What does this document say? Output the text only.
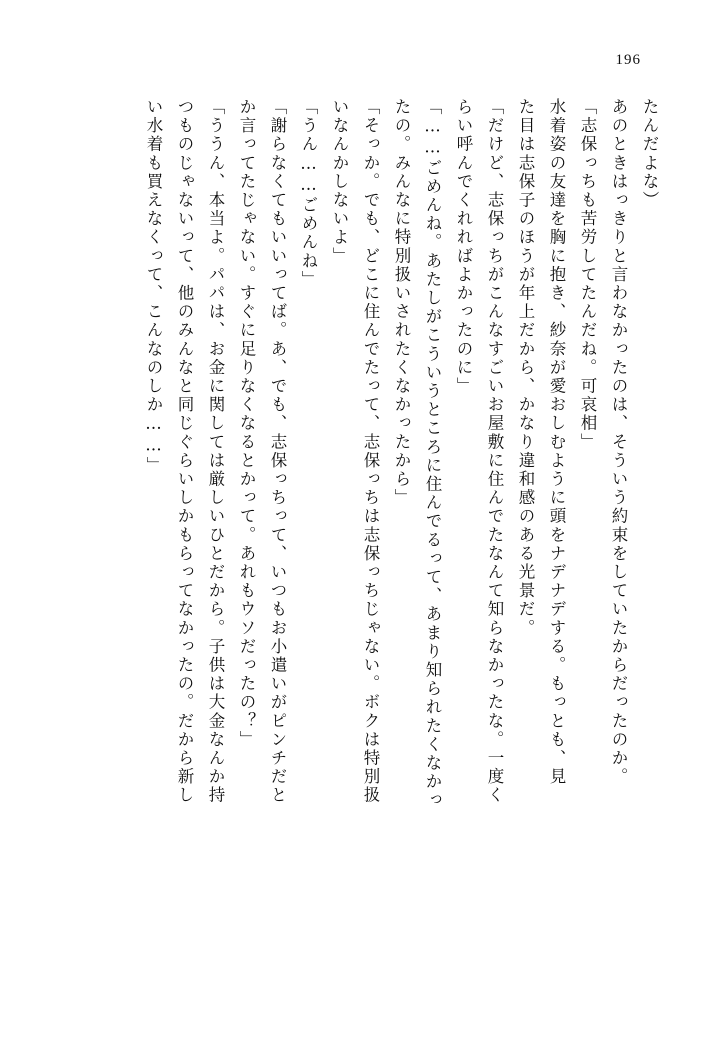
196
たんだよな）
あのときはっきりと言わなかったのは、そういう約束をしていたからだったのか。
「志保っちも苦労してたんだね。可哀相」
水着姿の友達を胸に抱き、紗奈が愛おしむように頭をナデナデする。もっとも、見
た目は志保子のほうが年上だから、かなり違和感のある光景だ。
「だけど、志保っちがこんなすごいお屋敷に住んでたなんて知らなかったな。一度く
らい呼んでくれればよかったのに」
「……ごめんね。あたしがこういうところに住んでるって、あまり知られたくなかっ
たの。みんなに特別扱いされたくなかったから」
「そっか。でも、どこに住んでたって、志保っちは志保っちじゃない。ボクは特別扱
いなんかしないよ」
「うん……ごめんね」
「謝らなくてもいいってば。あ、でも、志保っちって、いつもお小遣いがピンチだと
か言ってたじゃない。すぐに足りなくなるとかって。あれもウソだったの？」
「ううん、本当よ。パパは、お金に関しては厳しいひとだから。子供は大金なんか持
つものじゃないって、他のみんなと同じぐらいしかもらってなかったの。だから新し
い水着も買えなくって、こんなのしか……」
